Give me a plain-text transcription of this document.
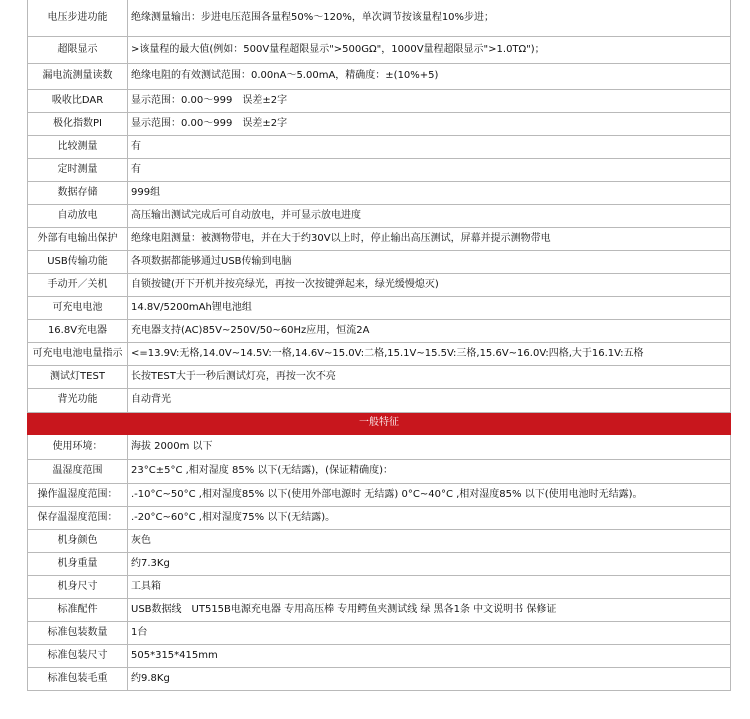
电压步进功能	绝缘测量输出：步进电压范围各量程50%～120%，单次调节按该量程10%步进；
超限显示	>该量程的最大值(例如：500V量程超限显示">500GΩ"，1000V量程超限显示">1.0TΩ")；
漏电流测量读数	绝缘电阻的有效测试范围：0.00nA～5.00mA，精确度：±(10%+5)
吸收比DAR	显示范围：0.00～999　误差±2字
极化指数PI	显示范围：0.00～999　误差±2字
比较测量	有
定时测量	有
数据存储	999组
自动放电	高压输出测试完成后可自动放电，并可显示放电进度
外部有电输出保护	绝缘电阻测量：被测物带电，并在大于约30V以上时，停止输出高压测试，屏幕并提示测物带电
USB传输功能	各项数据都能够通过USB传输到电脑
手动开／关机	自锁按键(开下开机并按亮绿光，再按一次按键弹起来，绿光缓慢熄灭)
可充电电池	14.8V/5200mAh锂电池组
16.8V充电器	充电器支持(AC)85V~250V/50~60Hz应用，恒流2A
可充电电池电量指示	<=13.9V:无格,14.0V~14.5V:一格,14.6V~15.0V:二格,15.1V~15.5V:三格,15.6V~16.0V:四格,大于16.1V:五格
测试灯TEST	长按TEST大于一秒后测试灯亮，再按一次不亮
背光功能	自动背光
一般特征	
使用环境：	海拔 2000m 以下
温湿度范围	23°C±5°C ,相对湿度 85% 以下(无结露)，(保证精确度)：
操作温湿度范围：	.-10°C~50°C ,相对湿度85% 以下(使用外部电源时 无结露) 0°C~40°C ,相对湿度85% 以下(使用电池时无结露)。
保存温湿度范围：	.-20°C~60°C ,相对湿度75% 以下(无结露)。
机身颜色	灰色
机身重量	约7.3Kg
机身尺寸	工具箱
标准配件	USB数据线　UT515B电源充电器 专用高压棒 专用鳄鱼夹测试线 绿 黑各1条 中文说明书 保修证
标准包装数量	1台
标准包装尺寸	505*315*415mm
标准包装毛重	约9.8Kg
